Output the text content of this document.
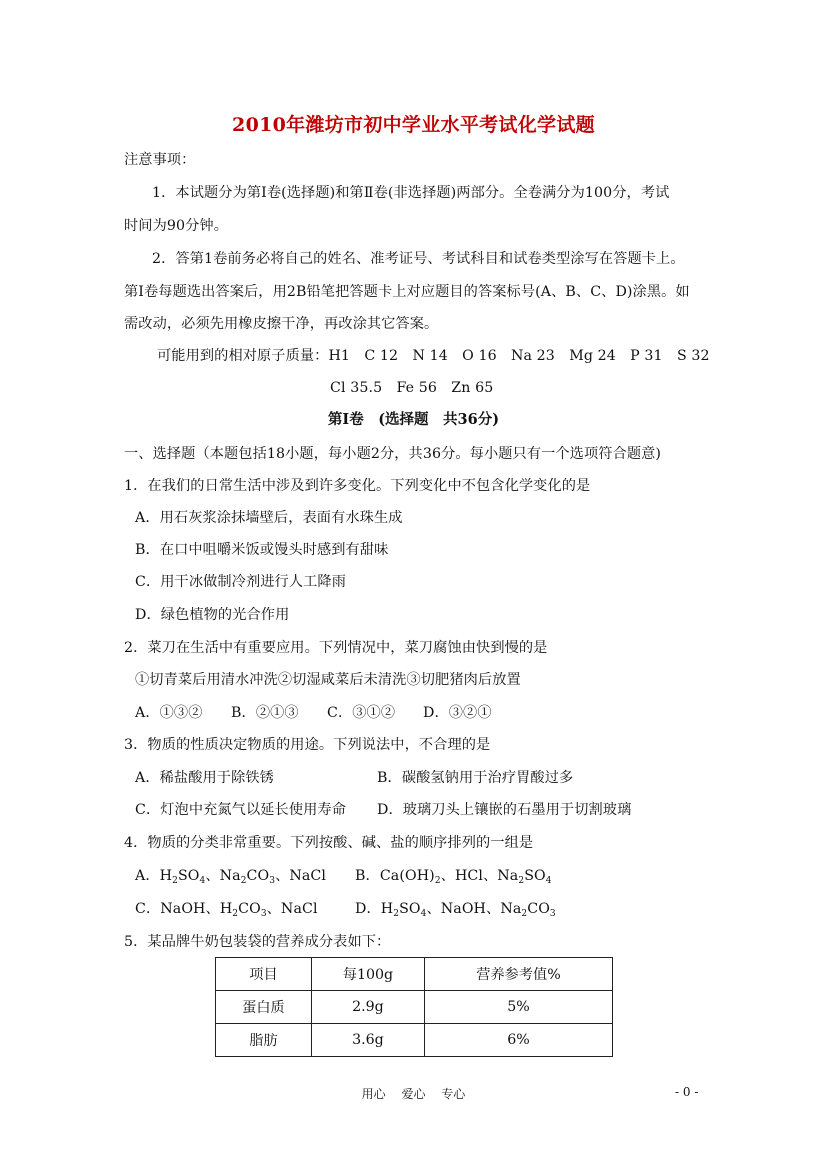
2010年潍坊市初中学业水平考试化学试题
注意事项：
1．本试题分为第Ⅰ卷(选择题)和第Ⅱ卷(非选择题)两部分。全卷满分为100分，考试
时间为90分钟。
2．答第1卷前务必将自己的姓名、准考证号、考试科目和试卷类型涂写在答题卡上。
第Ⅰ卷每题选出答案后，用2B铅笔把答题卡上对应题目的答案标号(A、B、C、D)涂黑。如
需改动，必须先用橡皮擦干净，再改涂其它答案。
可能用到的相对原子质量：H1　C 12　N 14　O 16　Na 23　Mg 24　P 31　S 32
Cl 35.5　Fe 56　Zn 65
第Ⅰ卷　(选择题　共36分)
一、选择题（本题包括18小题，每小题2分，共36分。每小题只有一个选项符合题意)
1．在我们的日常生活中涉及到许多变化。下列变化中不包含化学变化的是
A．用石灰浆涂抹墙壁后，表面有水珠生成
B．在口中咀嚼米饭或馒头时感到有甜味
C．用干冰做制冷剂进行人工降雨
D．绿色植物的光合作用
2．菜刀在生活中有重要应用。下列情况中，菜刀腐蚀由快到慢的是
①切青菜后用清水冲洗②切湿咸菜后未清洗③切肥猪肉后放置
A．①③② B．②①③ C．③①② D．③②①
3．物质的性质决定物质的用途。下列说法中，不合理的是
A．稀盐酸用于除铁锈	B．碳酸氢钠用于治疗胃酸过多
C．灯泡中充氮气以延长使用寿命 D．玻璃刀头上镶嵌的石墨用于切割玻璃
4．物质的分类非常重要。下列按酸、碱、盐的顺序排列的一组是
A．$H_2SO_4$、$Na_2CO_3$、NaCl B．$Ca(OH)_2$、HCl、$Na_2SO_4$
C．NaOH、$H_2CO_3$、NaCl	D．$H_2SO_4$、NaOH、$Na_2CO_3$
5．某品牌牛奶包装袋的营养成分表如下：
项目	每100g	营养参考值%
蛋白质	2.9g	5%
脂肪	3.6g	6%
用心 爱心 专心	- 0 -
